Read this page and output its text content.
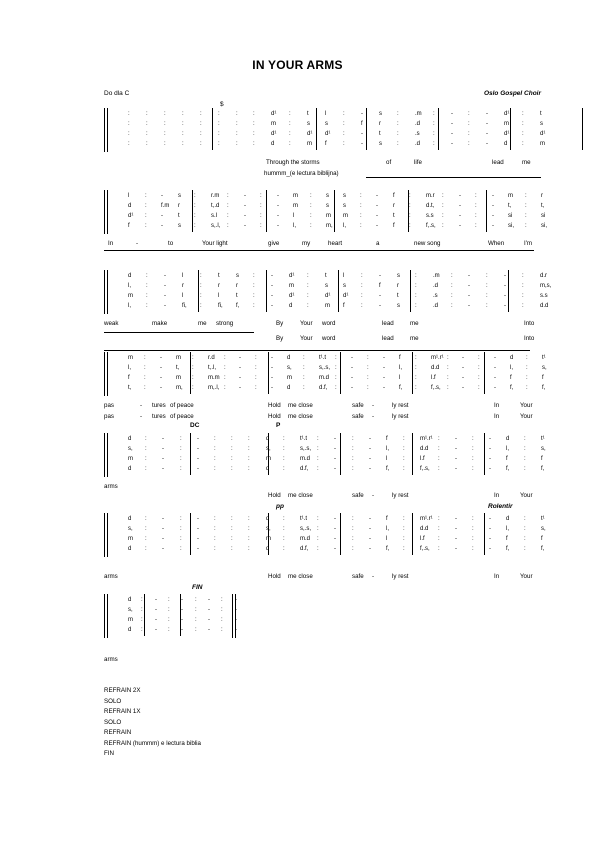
IN YOUR ARMS
Do dla C	Oslo Gospel Choir
$
:	:	:	:	:	:	:	:	d¹ :	t	l	:	-	s	:	.m :	-	:	-	d¹ :	t
:	:	:	:	:	:	:	:	m :	s	s	:	f	r	:	.d :	-	:	-	m :	s
:	:	:	:	:	:	:	:	d¹ :	d¹ d¹ :	-	t	:	.s :	-	:	-	d¹ :	d¹
:	:	:	:	:	:	:	:	d :	m f	:	-	s	:	.d :	-	:	-	d :	m
Through the storms	of	life	lead	me
hummm_(e lectura biblijna)
l	: -	s :	r.m :	- :	- m : s s : -	f :	m.r :	- :	- m : r
d : f.m r :	t,.d :	- :	- m : s s : -	r :	d.t, :	- :	- t, : t,
d¹ : -	t :	s.l :	- :	- l	: m m : -	t :	s.s :	- :	- si : si
f	: -	s :	s,.l, :	- :	- l, : m, l, : -	f :	f,.s, :	- :	- si, : si,
In	-	to	Your light	give	my	heart	a	new song	When	I'm
d :	-	l	:	t	s :	-	d¹ :	t	l	:	-	s	:	.m :	-	:	-	:	d.r
l,	:	-	r	:	r	r	:	-	m :	s	s	:	f	r	:	.d :	-	:	-	:	m,s,
m :	-	l	:	l	t	:	-	d¹ :	d¹ d¹ :	-	t	:	.s :	-	:	-	:	s.s
l,	:	-	fi, :	fi, f, :	-	d :	m f	:	-	s	:	.d :	-	:	-	:	d.d
weak	make	me strong	By	Your word	lead	me	Into
By	Your word	lead	me	Into
m : - m : r.d : - : - d : t¹.t : - : - f : m¹.r¹ : - : - d : t¹
l, : - t, : t,.l, : - : - s, : s,.s, : - : - l, : d.d : - : - l, : s,
f : - m : m.m : - : - m : m.d : - : - l : l.f : - : - f : f
t, : - m, : m,.l, : - : - d : d.f, : - : - f, : f,.s, : - : - f, : f,
pas	- tures of peace	Hold me close	safe -	ly rest	In	Your
pas	- tures of peace	Hold me close	safe -	ly rest	In	Your
d :	-	:	-	:	:	:	d :	t¹.t :	-	:	-	f	:	m¹.r¹ :	-	:	-	d :	t¹
s, :	-	:	-	:	:	:	s, :	s,.s, :	-	:	-	l, :	d.d :	-	:	-	l,	:	s,
m :	-	:	-	:	:	:	m :	m.d :	-	:	-	l	:	l.f :	-	:	-	f	:	f
d :	-	:	-	:	:	:	d :	d.f, :	-	:	-	f, :	f,.s, :	-	:	-	f, :	f,
Hold me close	safe -	ly rest	In	Your
arms
DC	P
d :	-	:	-	:	:	:	d :	t¹.t :	-	:	-	f	:	m¹.r¹ :	-	:	-	d :	t¹
s, :	-	:	-	:	:	:	s, :	s,.s, :	-	:	-	l, :	d.d :	-	:	-	l,	:	s,
m :	-	:	-	:	:	:	m :	m.d :	-	:	-	l	:	l.f :	-	:	-	f	:	f
d :	-	:	-	:	:	:	d :	d.f, :	-	:	-	f, :	f,.s, :	-	:	-	f, :	f,
Hold me close	safe -	ly rest	In	Your
arms
pp	Rolentir
d : - : - : - : -
s, : - : - : - : -
m : - : - : - : -
d : - : - : - : -
arms
FIN
REFRAIN 2X
SOLO
REFRAIN 1X
SOLO
REFRAIN
REFRAIN (hummm) e lectura biblia
FIN
